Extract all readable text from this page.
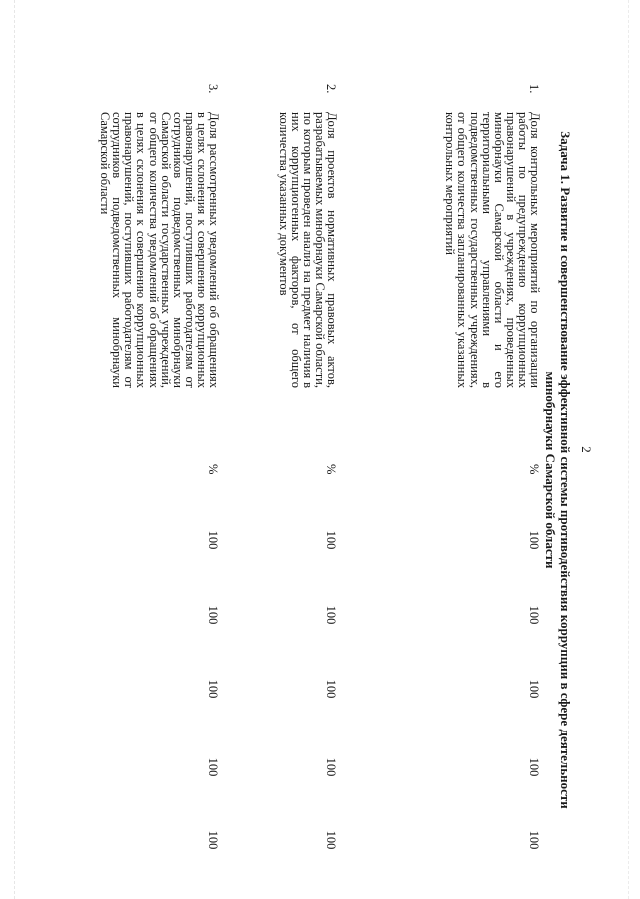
2
Задача 1. Развитие и совершенствование эффективной системы противодействия коррупции в сфере деятельности минобрнауки Самарской области
1.
Доля контрольных мероприятий по организации работы по предупреждению коррупционных правонарушений в учреждениях, проведенных минобрнауки Самарской области и его территориальными управлениями в подведомственных государственных учреждениях, от общего количества запланированных указанных контрольных мероприятий
%
100
100
100
100
100
2.
Доля проектов нормативных правовых актов, разрабатываемых минобрнауки Самарской области, по которым проведен анализ на предмет наличия в них коррупциогенных факторов, от общего количества указанных документов
%
100
100
100
100
100
3.
Доля рассмотренных уведомлений об обращениях в целях склонения к совершению коррупционных правонарушений, поступивших работодателям от сотрудников подведомственных минобрнауки Самарской области государственных учреждений, от общего количества уведомлений об обращениях в целях склонения к совершению коррупционных правонарушений, поступивших работодателям от сотрудников подведомственных минобрнауки Самарской области
%
100
100
100
100
100
